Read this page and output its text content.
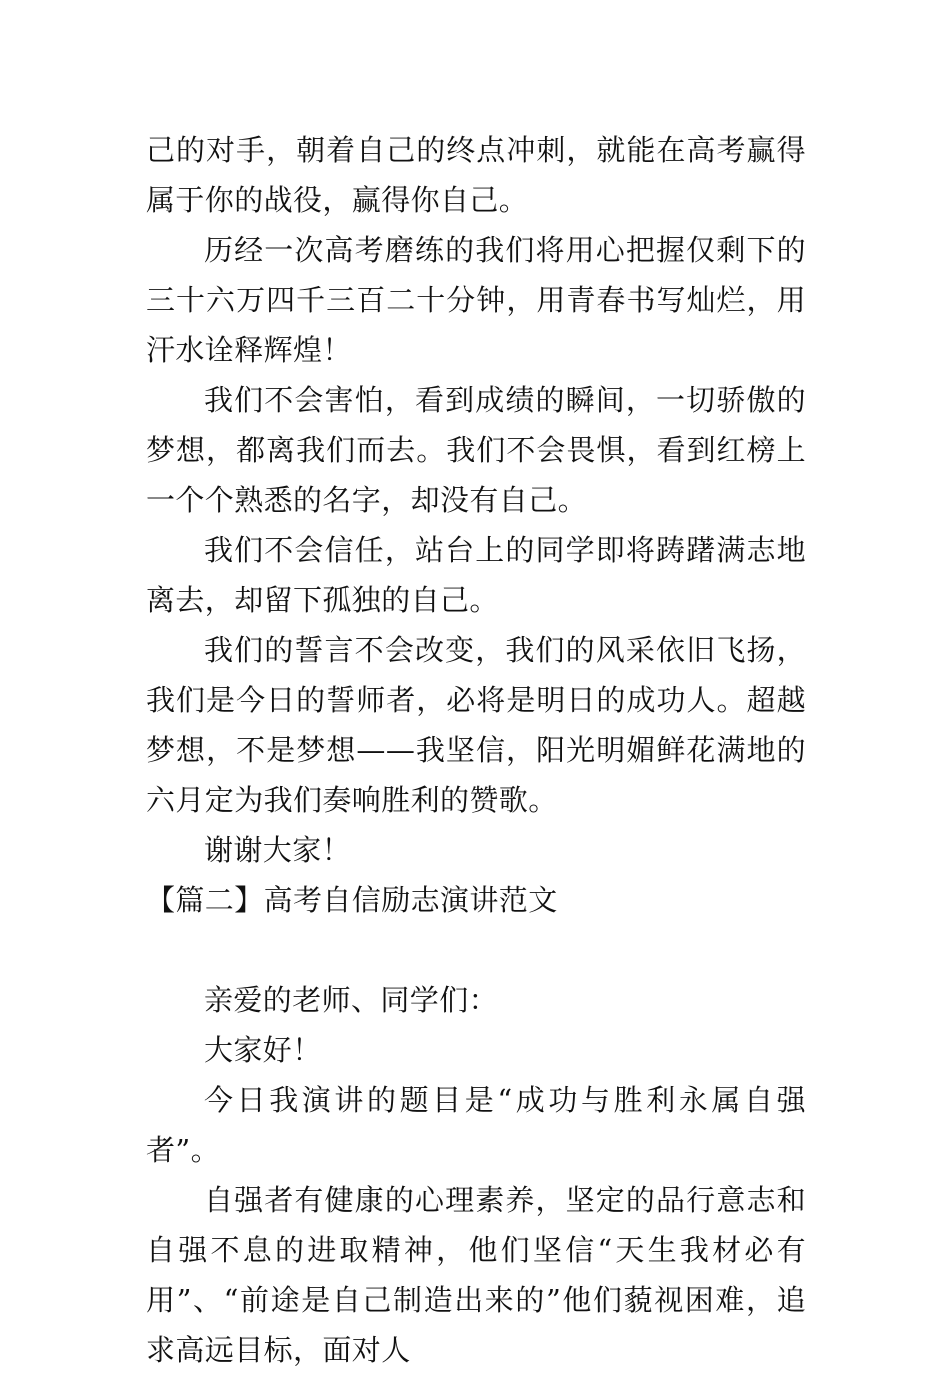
己的对手，朝着自己的终点冲刺，就能在高考赢得属于你的战役，赢得你自己。

历经一次高考磨练的我们将用心把握仅剩下的三十六万四千三百二十分钟，用青春书写灿烂，用汗水诠释辉煌！

我们不会害怕，看到成绩的瞬间，一切骄傲的梦想，都离我们而去。我们不会畏惧，看到红榜上一个个熟悉的名字，却没有自己。

我们不会信任，站台上的同学即将踌躇满志地离去，却留下孤独的自己。

我们的誓言不会改变，我们的风采依旧飞扬，我们是今日的誓师者，必将是明日的成功人。超越梦想，不是梦想——我坚信，阳光明媚鲜花满地的六月定为我们奏响胜利的赞歌。

谢谢大家！

【篇二】高考自信励志演讲范文

亲爱的老师、同学们：

大家好！

今日我演讲的题目是“成功与胜利永属自强者”。

自强者有健康的心理素养，坚定的品行意志和自强不息的进取精神，他们坚信“天生我材必有用”、“前途是自己制造出来的”他们藐视困难，追求高远目标，面对人
